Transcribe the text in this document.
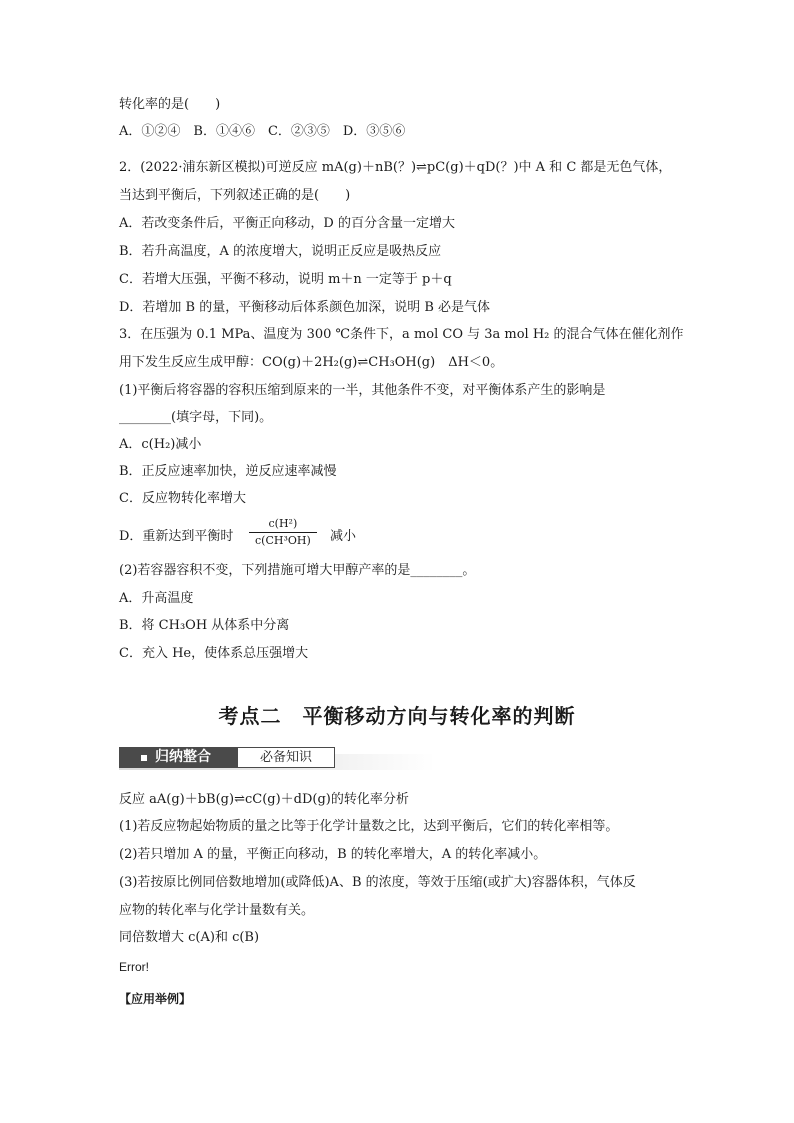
转化率的是(　　)
A．①②④　B．①④⑥　C．②③⑤　D．③⑤⑥
2．(2022·浦东新区模拟)可逆反应 mA(g)＋nB(？)⇌pC(g)＋qD(？)中 A 和 C 都是无色气体，
当达到平衡后，下列叙述正确的是(　　)
A．若改变条件后，平衡正向移动，D 的百分含量一定增大
B．若升高温度，A 的浓度增大，说明正反应是吸热反应
C．若增大压强，平衡不移动，说明 m＋n 一定等于 p＋q
D．若增加 B 的量，平衡移动后体系颜色加深，说明 B 必是气体
3．在压强为 0.1 MPa、温度为 300 ℃条件下，a mol CO 与 3a mol H₂ 的混合气体在催化剂作
用下发生反应生成甲醇：CO(g)＋2H₂(g)⇌CH₃OH(g)　ΔH＜0。
(1)平衡后将容器的容积压缩到原来的一半，其他条件不变，对平衡体系产生的影响是
________(填字母，下同)。
A．c(H₂)减小
B．正反应速率加快，逆反应速率减慢
C．反应物转化率增大
D．重新达到平衡时
c(H²)
c(CH³OH)	减小
(2)若容器容积不变，下列措施可增大甲醇产率的是________。
A．升高温度
B．将 CH₃OH 从体系中分离
C．充入 He，使体系总压强增大
考点二　平衡移动方向与转化率的判断
归纳整合	必备知识
反应 aA(g)＋bB(g)⇌cC(g)＋dD(g)的转化率分析
(1)若反应物起始物质的量之比等于化学计量数之比，达到平衡后，它们的转化率相等。
(2)若只增加 A 的量，平衡正向移动，B 的转化率增大，A 的转化率减小。
(3)若按原比例同倍数地增加(或降低)A、B 的浓度，等效于压缩(或扩大)容器体积，气体反
应物的转化率与化学计量数有关。
同倍数增大 c(A)和 c(B)
Error!
【应用举例】
